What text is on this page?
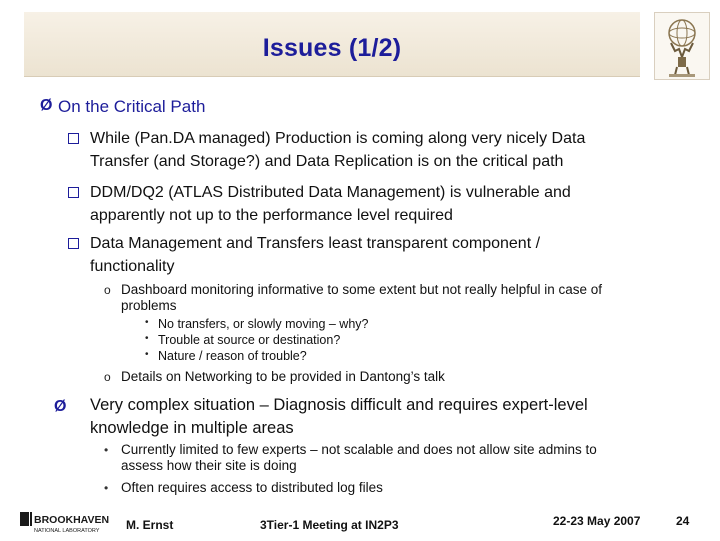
Issues (1/2)
Ø On the Critical Path
While (Pan.DA managed) Production is coming along very nicely Data
Transfer (and Storage?) and Data Replication is on the critical path
DDM/DQ2 (ATLAS Distributed Data Management) is vulnerable and
apparently not up to the performance level required
Data Management and Transfers least transparent component /
functionality
o Dashboard monitoring informative to some extent but not really helpful in case of
problems
• No transfers, or slowly moving – why?
• Trouble at source or destination?
• Nature / reason of trouble?
o Details on Networking to be provided in Dantong’s talk
Ø Very complex situation – Diagnosis difficult and requires expert-level
knowledge in multiple areas
• Currently limited to few experts – not scalable and does not allow site admins to
assess how their site is doing
• Often requires access to distributed log files
BROOKHAVEN
NATIONAL LABORATORY M. Ernst	3Tier-1 Meeting at IN2P3	22-23 May 2007	24
